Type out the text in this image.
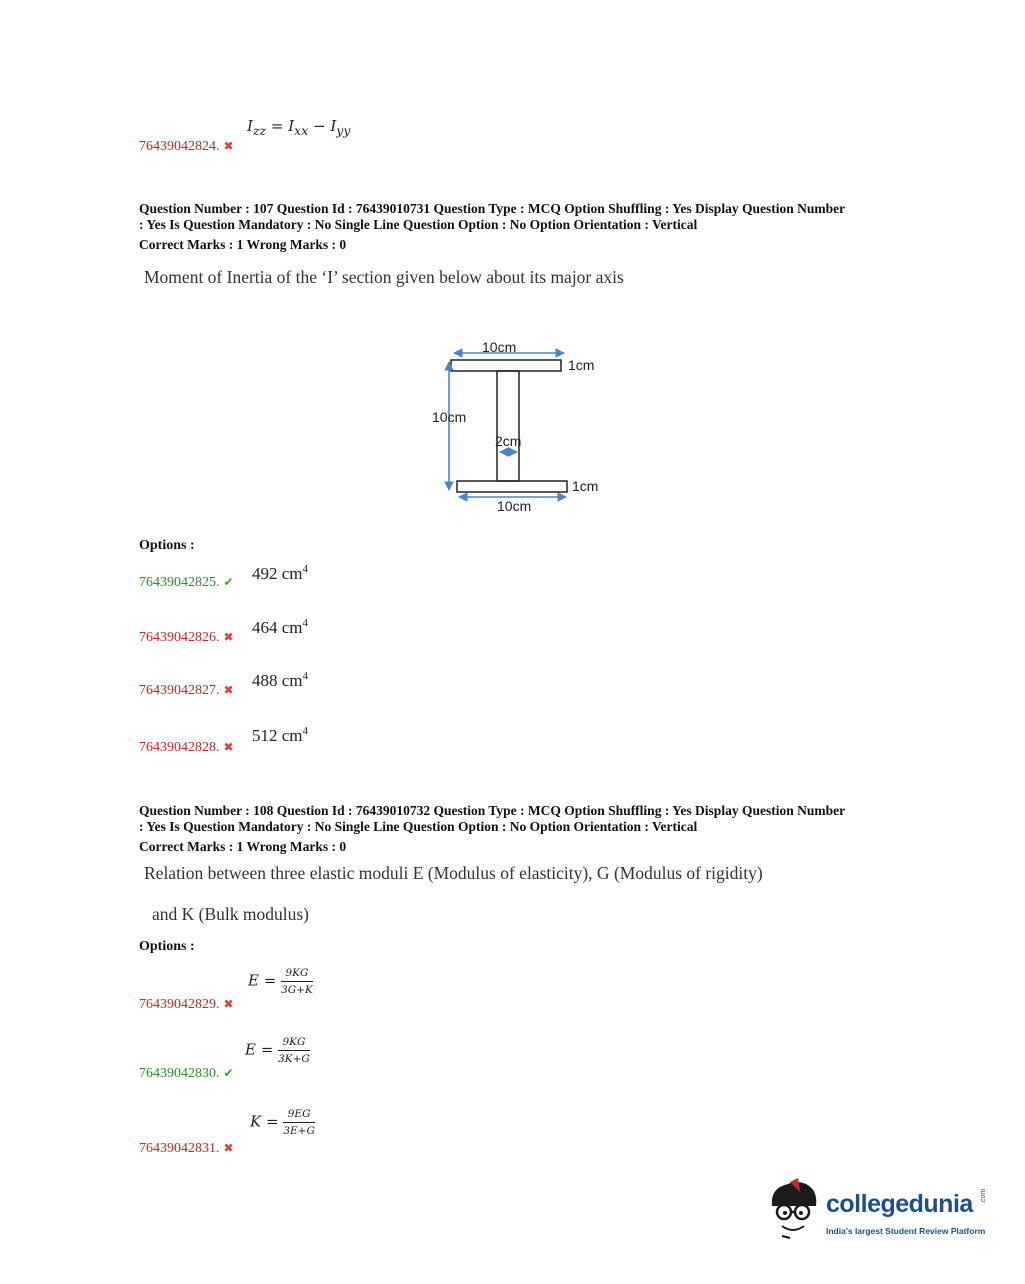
$I_{zz} = I_{xx} - I_{yy}$
76439042824. ✖
Question Number : 107 Question Id : 76439010731 Question Type : MCQ Option Shuffling : Yes Display Question Number
: Yes Is Question Mandatory : No Single Line Question Option : No Option Orientation : Vertical
Correct Marks : 1 Wrong Marks : 0
Moment of Inertia of the ‘I’ section given below about its major axis
10cm
1cm
10cm
2cm
1cm
10cm
Options :
492 $cm^4$
76439042825. ✔
464 $cm^4$
76439042826. ✖
488 $cm^4$
76439042827. ✖
512 $cm^4$
76439042828. ✖
Question Number : 108 Question Id : 76439010732 Question Type : MCQ Option Shuffling : Yes Display Question Number
: Yes Is Question Mandatory : No Single Line Question Option : No Option Orientation : Vertical
Correct Marks : 1 Wrong Marks : 0
Relation between three elastic moduli E (Modulus of elasticity), G (Modulus of rigidity)
and K (Bulk modulus)
Options :
$E = \frac{9KG}{3G+K}$
76439042829. ✖
$E = \frac{9KG}{3K+G}$
76439042830. ✔
$K = \frac{9EG}{3E+G}$
76439042831. ✖
collegedunia .com
India's largest Student Review Platform
